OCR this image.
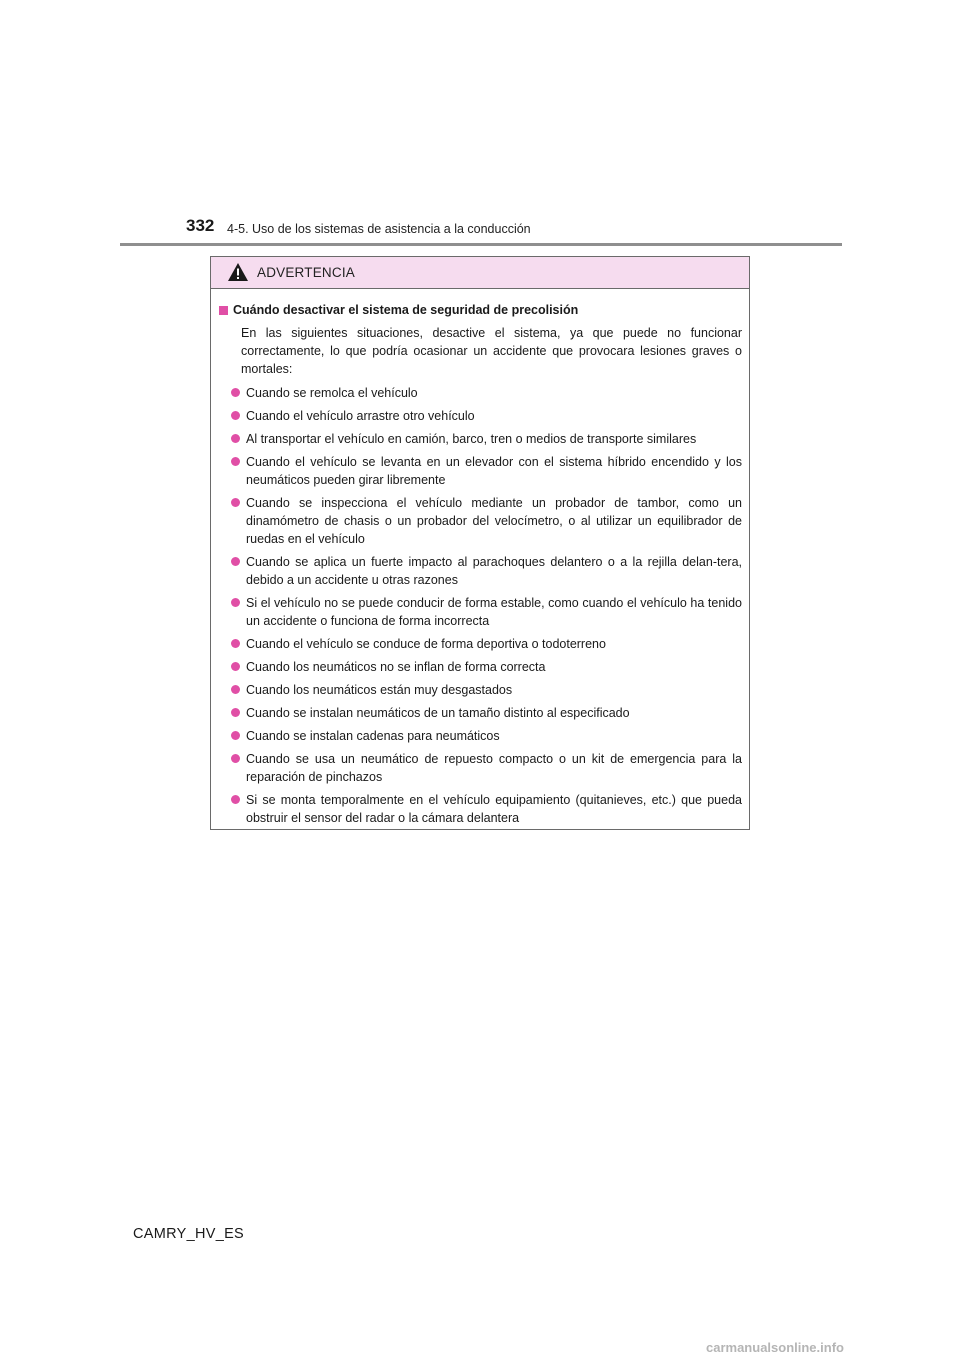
332 4-5. Uso de los sistemas de asistencia a la conducción
ADVERTENCIA
Cuándo desactivar el sistema de seguridad de precolisión

En las siguientes situaciones, desactive el sistema, ya que puede no funcionar correctamente, lo que podría ocasionar un accidente que provocara lesiones graves o mortales:

Cuando se remolca el vehículo
Cuando el vehículo arrastre otro vehículo
Al transportar el vehículo en camión, barco, tren o medios de transporte similares
Cuando el vehículo se levanta en un elevador con el sistema híbrido encendido y los neumáticos pueden girar libremente
Cuando se inspecciona el vehículo mediante un probador de tambor, como un dinamómetro de chasis o un probador del velocímetro, o al utilizar un equilibrador de ruedas en el vehículo
Cuando se aplica un fuerte impacto al parachoques delantero o a la rejilla delan-tera, debido a un accidente u otras razones
Si el vehículo no se puede conducir de forma estable, como cuando el vehículo ha tenido un accidente o funciona de forma incorrecta
Cuando el vehículo se conduce de forma deportiva o todoterreno
Cuando los neumáticos no se inflan de forma correcta
Cuando los neumáticos están muy desgastados
Cuando se instalan neumáticos de un tamaño distinto al especificado
Cuando se instalan cadenas para neumáticos
Cuando se usa un neumático de repuesto compacto o un kit de emergencia para la reparación de pinchazos
Si se monta temporalmente en el vehículo equipamiento (quitanieves, etc.) que pueda obstruir el sensor del radar o la cámara delantera
CAMRY_HV_ES
carmanualsonline.info
